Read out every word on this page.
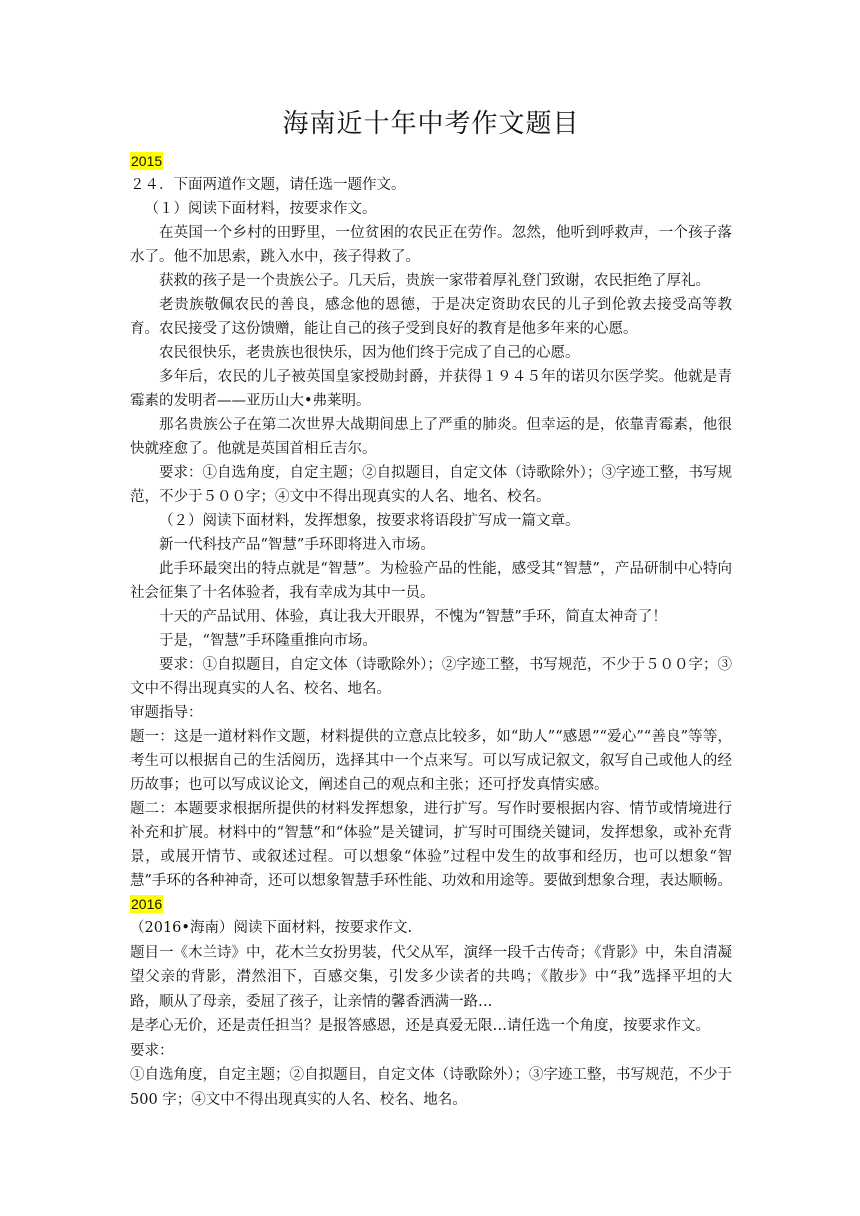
海南近十年中考作文题目
2015

２４．下面两道作文题，请任选一题作文。

（１）阅读下面材料，按要求作文。

在英国一个乡村的田野里，一位贫困的农民正在劳作。忽然，他听到呼救声，一个孩子落水了。他不加思索，跳入水中，孩子得救了。

获救的孩子是一个贵族公子。几天后，贵族一家带着厚礼登门致谢，农民拒绝了厚礼。

老贵族敬佩农民的善良，感念他的恩德，于是决定资助农民的儿子到伦敦去接受高等教育。农民接受了这份馈赠，能让自己的孩子受到良好的教育是他多年来的心愿。

农民很快乐，老贵族也很快乐，因为他们终于完成了自己的心愿。

多年后，农民的儿子被英国皇家授勋封爵，并获得１９４５年的诺贝尔医学奖。他就是青霉素的发明者——亚历山大•弗莱明。

那名贵族公子在第二次世界大战期间患上了严重的肺炎。但幸运的是，依靠青霉素，他很快就痊愈了。他就是英国首相丘吉尔。

要求：①自选角度，自定主题；②自拟题目，自定文体（诗歌除外）；③字迹工整，书写规范，不少于５００字；④文中不得出现真实的人名、地名、校名。

（２）阅读下面材料，发挥想象，按要求将语段扩写成一篇文章。

新一代科技产品“智慧”手环即将进入市场。

此手环最突出的特点就是“智慧”。为检验产品的性能，感受其“智慧”，产品研制中心特向社会征集了十名体验者，我有幸成为其中一员。

十天的产品试用、体验，真让我大开眼界，不愧为“智慧”手环，简直太神奇了！

于是，“智慧”手环隆重推向市场。

要求：①自拟题目，自定文体（诗歌除外）；②字迹工整，书写规范，不少于５００字；③文中不得出现真实的人名、校名、地名。

审题指导：

题一：这是一道材料作文题，材料提供的立意点比较多，如“助人”“感恩”“爱心”“善良”等等，考生可以根据自己的生活阅历，选择其中一个点来写。可以写成记叙文，叙写自己或他人的经历故事；也可以写成议论文，阐述自己的观点和主张；还可抒发真情实感。

题二：本题要求根据所提供的材料发挥想象，进行扩写。写作时要根据内容、情节或情境进行补充和扩展。材料中的“智慧”和“体验”是关键词，扩写时可围绕关键词，发挥想象，或补充背景，或展开情节、或叙述过程。可以想象“体验”过程中发生的故事和经历，也可以想象“智慧”手环的各种神奇，还可以想象智慧手环性能、功效和用途等。要做到想象合理，表达顺畅。

2016

（2016•海南）阅读下面材料，按要求作文.

题目一《木兰诗》中，花木兰女扮男装，代父从军，演绎一段千古传奇；《背影》中，朱自清凝望父亲的背影，潸然泪下，百感交集，引发多少读者的共鸣；《散步》中“我”选择平坦的大路，顺从了母亲，委屈了孩子，让亲情的馨香洒满一路…

是孝心无价，还是责任担当？是报答感恩，还是真爱无限…请任选一个角度，按要求作文。

要求：

①自选角度，自定主题；②自拟题目，自定文体（诗歌除外）；③字迹工整，书写规范，不少于 500 字；④文中不得出现真实的人名、校名、地名。
